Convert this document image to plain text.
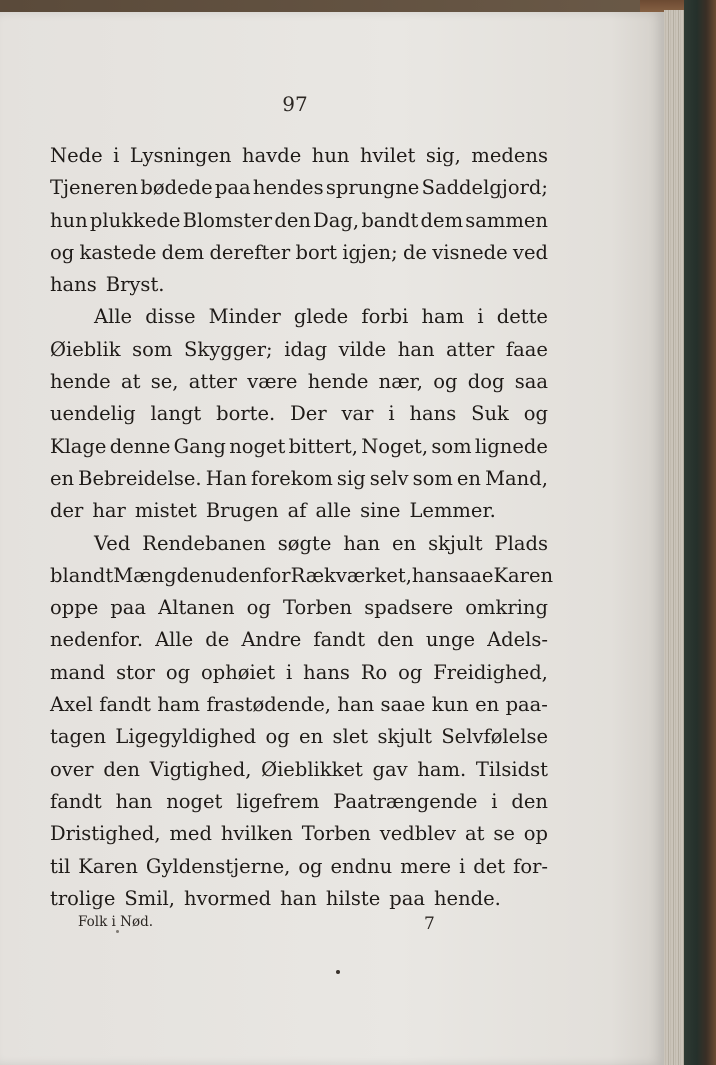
97
Nede i Lysningen havde hun hvilet sig, medens
Tjeneren bødede paa hendes sprungne Saddelgjord;
hun plukkede Blomster den Dag, bandt dem sammen
og kastede dem derefter bort igjen; de visnede ved
hans Bryst.
Alle disse Minder glede forbi ham i dette
Øieblik som Skygger; idag vilde han atter faae
hende at se, atter være hende nær, og dog saa
uendelig langt borte. Der var i hans Suk og
Klage denne Gang noget bittert, Noget, som lignede
en Bebreidelse. Han forekom sig selv som en Mand,
der har mistet Brugen af alle sine Lemmer.
Ved Rendebanen søgte han en skjult Plads
blandt Mængden udenfor Rækværket, han saae Karen
oppe paa Altanen og Torben spadsere omkring
nedenfor. Alle de Andre fandt den unge Adels-
mand stor og ophøiet i hans Ro og Freidighed,
Axel fandt ham frastødende, han saae kun en paa-
tagen Ligegyldighed og en slet skjult Selvfølelse
over den Vigtighed, Øieblikket gav ham. Tilsidst
fandt han noget ligefrem Paatrængende i den
Dristighed, med hvilken Torben vedblev at se op
til Karen Gyldenstjerne, og endnu mere i det for-
trolige Smil, hvormed han hilste paa hende.
Folk i Nød.	7
